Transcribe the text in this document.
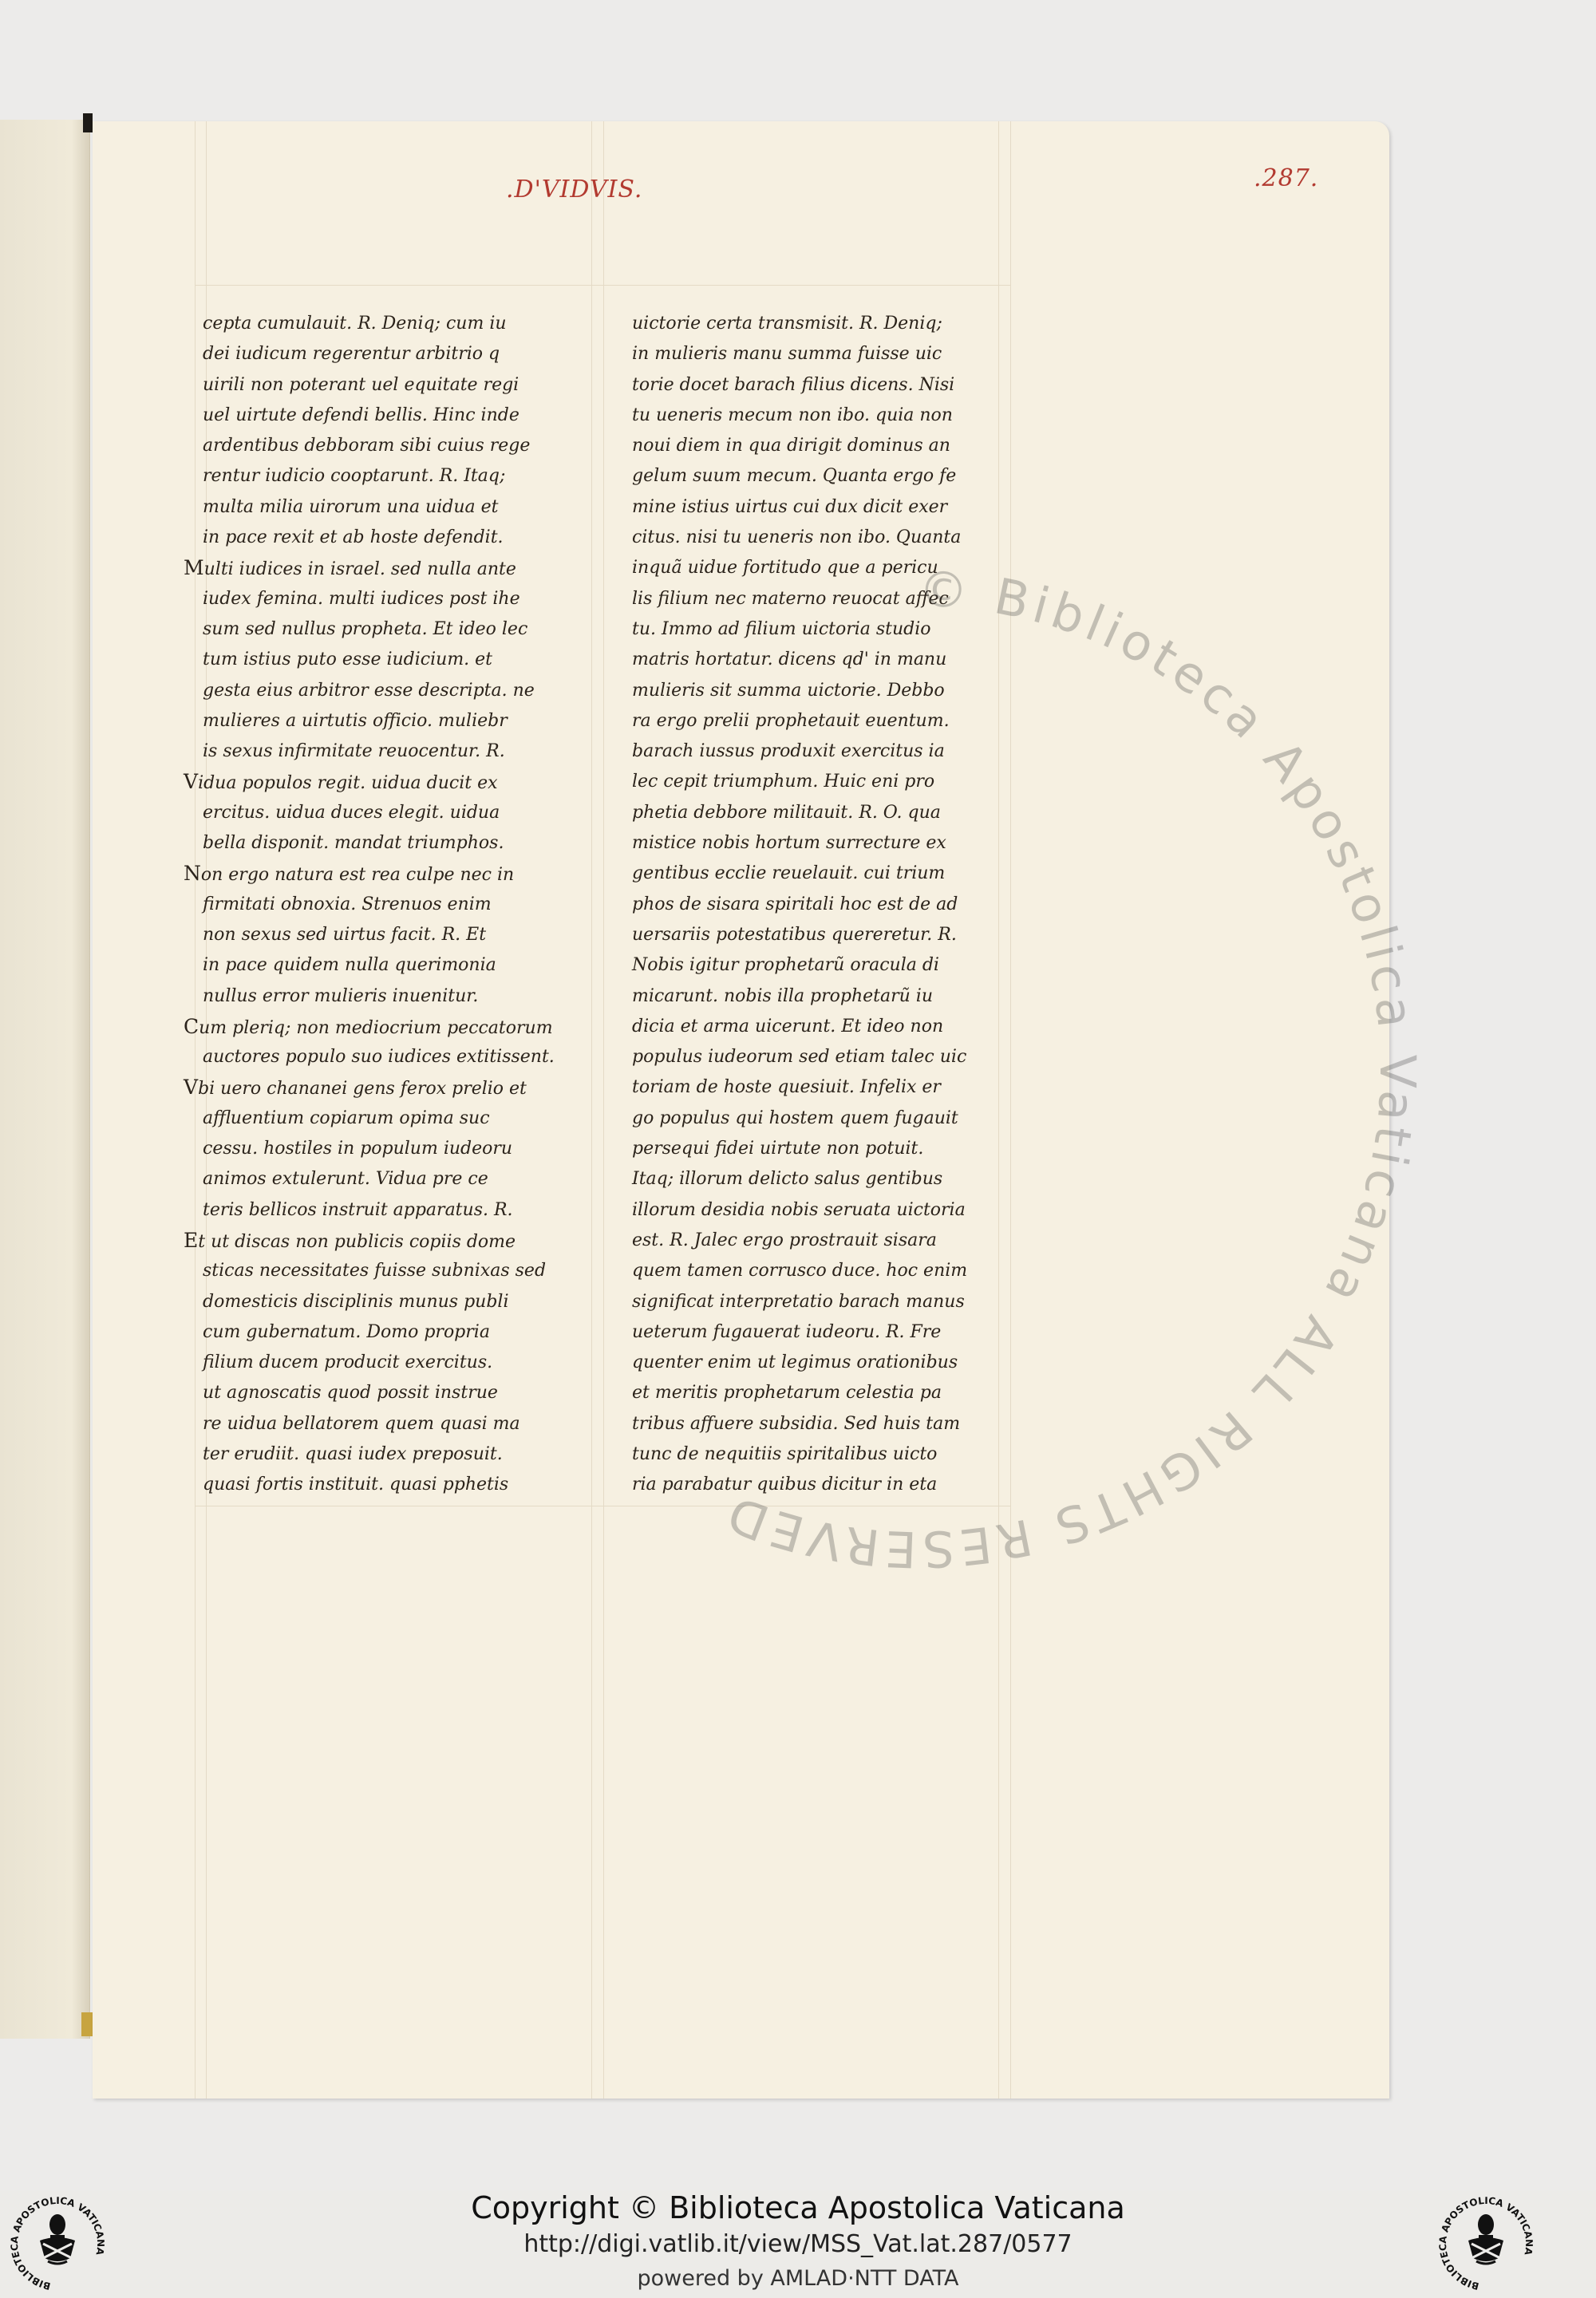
.D'VIDVIS.	.287.
cepta cumulauit. R. Deniq; cum iu
dei iudicum regerentur arbitrio q
uirili non poterant uel equitate regi
uel uirtute defendi bellis. Hinc inde
ardentibus debboram sibi cuius rege
rentur iudicio cooptarunt. R. Itaq;
multa milia uirorum una uidua et
in pace rexit et ab hoste defendit.
Multi iudices in israel. sed nulla ante
iudex femina. multi iudices post ihe
sum sed nullus propheta. Et ideo lec
tum istius puto esse iudicium. et
gesta eius arbitror esse descripta. ne
mulieres a uirtutis officio. muliebr
is sexus infirmitate reuocentur. R.
Vidua populos regit. uidua ducit ex
ercitus. uidua duces elegit. uidua
bella disponit. mandat triumphos.
Non ergo natura est rea culpe nec in
firmitati obnoxia. Strenuos enim
non sexus sed uirtus facit. R. Et
in pace quidem nulla querimonia
nullus error mulieris inuenitur.
Cum pleriq; non mediocrium peccatorum
auctores populo suo iudices extitissent.
Vbi uero chananei gens ferox prelio et
affluentium copiarum opima suc
cessu. hostiles in populum iudeoru
animos extulerunt. Vidua pre ce
teris bellicos instruit apparatus. R.
Et ut discas non publicis copiis dome
sticas necessitates fuisse subnixas sed
domesticis disciplinis munus publi
cum gubernatum. Domo propria
filium ducem producit exercitus.
ut agnoscatis quod possit instrue
re uidua bellatorem quem quasi ma
ter erudiit. quasi iudex preposuit.
quasi fortis instituit. quasi pphetis
uictorie certa transmisit. R. Deniq;
in mulieris manu summa fuisse uic
torie docet barach filius dicens. Nisi
tu ueneris mecum non ibo. quia non
noui diem in qua dirigit dominus an
gelum suum mecum. Quanta ergo fe
mine istius uirtus cui dux dicit exer
citus. nisi tu ueneris non ibo. Quanta
inquã uidue fortitudo que a pericu
lis filium nec materno reuocat affec
tu. Immo ad filium uictoria studio
matris hortatur. dicens qd' in manu
mulieris sit summa uictorie. Debbo
ra ergo prelii prophetauit euentum.
barach iussus produxit exercitus ia
lec cepit triumphum. Huic eni pro
phetia debbore militauit. R. O. qua
mistice nobis hortum surrecture ex
gentibus ecclie reuelauit. cui trium
phos de sisara spiritali hoc est de ad
uersariis potestatibus quereretur. R.
Nobis igitur prophetarũ oracula di
micarunt. nobis illa prophetarũ iu
dicia et arma uicerunt. Et ideo non
populus iudeorum sed etiam talec uic
toriam de hoste quesiuit. Infelix er
go populus qui hostem quem fugauit
persequi fidei uirtute non potuit.
Itaq; illorum delicto salus gentibus
illorum desidia nobis seruata uictoria
est. R. Jalec ergo prostrauit sisara
quem tamen corrusco duce. hoc enim
significat interpretatio barach manus
ueterum fugauerat iudeoru. R. Fre
quenter enim ut legimus orationibus
et meritis prophetarum celestia pa
tribus affuere subsidia. Sed huis tam
tunc de nequitiis spiritalibus uicto
ria parabatur quibus dicitur in eta
© Biblioteca Apostolica Vaticana ALL RIGHTS RESERVED
Copyright © Biblioteca Apostolica Vaticana
http://digi.vatlib.it/view/MSS_Vat.lat.287/0577
powered by AMLAD·NTT DATA
BIBLIOTECA APOSTOLICA VATICANA
BIBLIOTECA APOSTOLICA VATICANA
